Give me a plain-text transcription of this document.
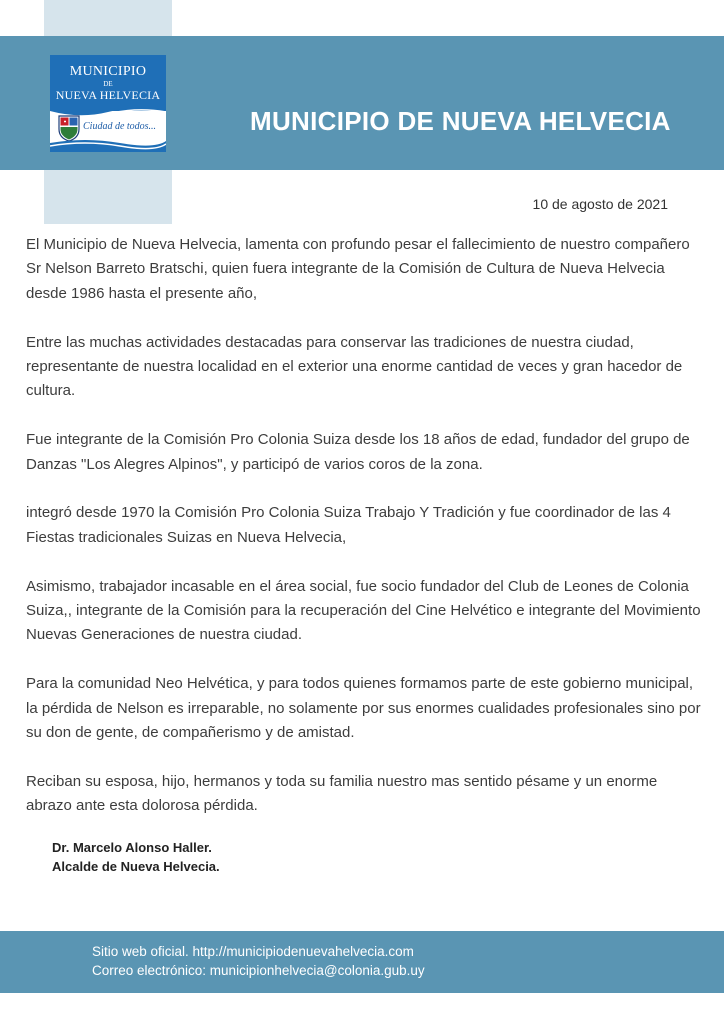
MUNICIPIO
DE
NUEVA HELVECIA
Ciudad de todos...	MUNICIPIO DE NUEVA HELVECIA
10 de agosto de 2021

El Municipio de Nueva Helvecia, lamenta con profundo pesar el fallecimiento de nuestro compañero Sr Nelson Barreto Bratschi, quien fuera integrante de la Comisión de Cultura de Nueva Helvecia desde 1986 hasta el presente año,

Entre las muchas actividades destacadas para conservar las tradiciones de nuestra ciudad, representante de nuestra localidad en el exterior una enorme cantidad de veces y gran hacedor de cultura.

Fue integrante de la Comisión Pro Colonia Suiza desde los 18 años de edad, fundador del grupo de Danzas "Los Alegres Alpinos", y participó de varios coros de la zona.

integró desde 1970 la Comisión Pro Colonia Suiza Trabajo Y Tradición y fue coordinador de las 4 Fiestas tradicionales Suizas en Nueva Helvecia,

Asimismo, trabajador incasable en el área social, fue socio fundador del Club de Leones de Colonia Suiza,, integrante de la Comisión para la recuperación del Cine Helvético e integrante del Movimiento Nuevas Generaciones de nuestra ciudad.

Para la comunidad Neo Helvética, y para todos quienes formamos parte de este gobierno municipal, la pérdida de Nelson es irreparable, no solamente por sus enormes cualidades profesionales sino por su don de gente, de compañerismo y de amistad.

Reciban su esposa, hijo, hermanos y toda su familia nuestro mas sentido pésame y un enorme abrazo ante esta dolorosa pérdida.

Dr. Marcelo Alonso Haller.
Alcalde de Nueva Helvecia.
Sitio web oficial. http://municipiodenuevahelvecia.com
Correo electrónico: municipionhelvecia@colonia.gub.uy
